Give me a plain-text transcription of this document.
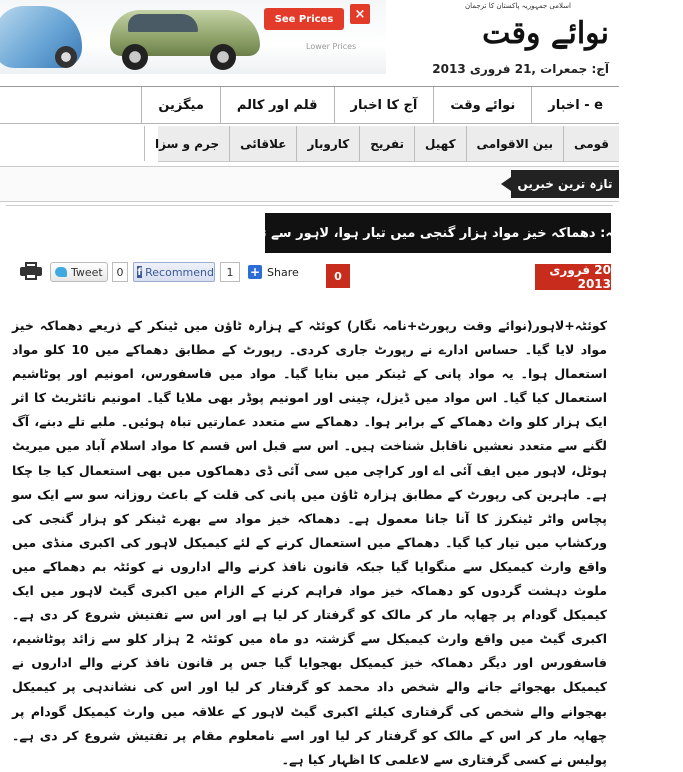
See Prices	×
Lower Prices
اسلامی جمہوریہ پاکستان کا ترجمان
نوائے وقت
آج: جمعرات ,21 فروری 2013
e - اخبار
نوائے وقت
آج کا اخبار
قلم اور کالم
میگزین
قومی
بین الاقوامی
کھیل
تفریح
کاروبار
علاقائی
جرم و سزا
تازہ ترین خبریں
سانحہ کوئٹہ: دھماکہ خیز مواد ہزار گنجی میں تیار ہوا، لاہور سے تاجر گرفتار
Tweet	0	f Recommend	1	+ Share	0	20 فروری 2013

کوئٹہ+لاہور(نوائے وقت رپورٹ+نامہ نگار) کوئٹہ کے ہزارہ ٹاؤن میں ٹینکر کے ذریعے دھماکہ خیز مواد لایا گیا۔ حساس ادارے نے رپورٹ جاری کردی۔ رپورٹ کے مطابق دھماکے میں 10 کلو مواد استعمال ہوا۔ یہ مواد پانی کے ٹینکر میں بنایا گیا۔ مواد میں فاسفورس، امونیم اور پوٹاشیم استعمال کیا گیا۔ اس مواد میں ڈیزل، چینی اور امونیم پوڈر بھی ملایا گیا۔ امونیم نائٹریٹ کا اثر ایک ہزار کلو واٹ دھماکے کے برابر ہوا۔ دھماکے سے متعدد عمارتیں تباہ ہوئیں۔ ملبے تلے دبنے، آگ لگنے سے متعدد نعشیں ناقابل شناخت ہیں۔ اس سے قبل اس قسم کا مواد اسلام آباد میں میریٹ ہوٹل، لاہور میں ایف آئی اے اور کراچی میں سی آئی ڈی دھماکوں میں بھی استعمال کیا جا چکا ہے۔ ماہرین کی رپورٹ کے مطابق ہزارہ ٹاؤن میں پانی کی قلت کے باعث روزانہ سو سے ایک سو پچاس واٹر ٹینکرز کا آنا جانا معمول ہے۔ دھماکہ خیز مواد سے بھرے ٹینکر کو ہزار گنجی کی ورکشاپ میں تیار کیا گیا۔ دھماکے میں استعمال کرنے کے لئے کیمیکل لاہور کی اکبری منڈی میں واقع وارث کیمیکل سے منگوایا گیا جبکہ قانون نافذ کرنے والے اداروں نے کوئٹہ بم دھماکے میں ملوث دہشت گردوں کو دھماکہ خیز مواد فراہم کرنے کے الزام میں اکبری گیٹ لاہور میں ایک کیمیکل گودام پر چھاپہ مار کر مالک کو گرفتار کر لیا ہے اور اس سے تفتیش شروع کر دی ہے۔ اکبری گیٹ میں واقع وارث کیمیکل سے گزشتہ دو ماہ میں کوئٹہ 2 ہزار کلو سے زائد پوٹاشیم، فاسفورس اور دیگر دھماکہ خیز کیمیکل بھجوایا گیا جس پر قانون نافذ کرنے والے اداروں نے کیمیکل بھجوائے جانے والے شخص داد محمد کو گرفتار کر لیا اور اس کی نشاندہی پر کیمیکل بھجوانے والے شخص کی گرفتاری کیلئے اکبری گیٹ لاہور کے علاقہ میں وارث کیمیکل گودام پر چھاپہ مار کر اس کے مالک کو گرفتار کر لیا اور اسے نامعلوم مقام پر تفتیش شروع کر دی ہے۔ پولیس نے کسی گرفتاری سے لاعلمی کا اظہار کیا ہے۔
